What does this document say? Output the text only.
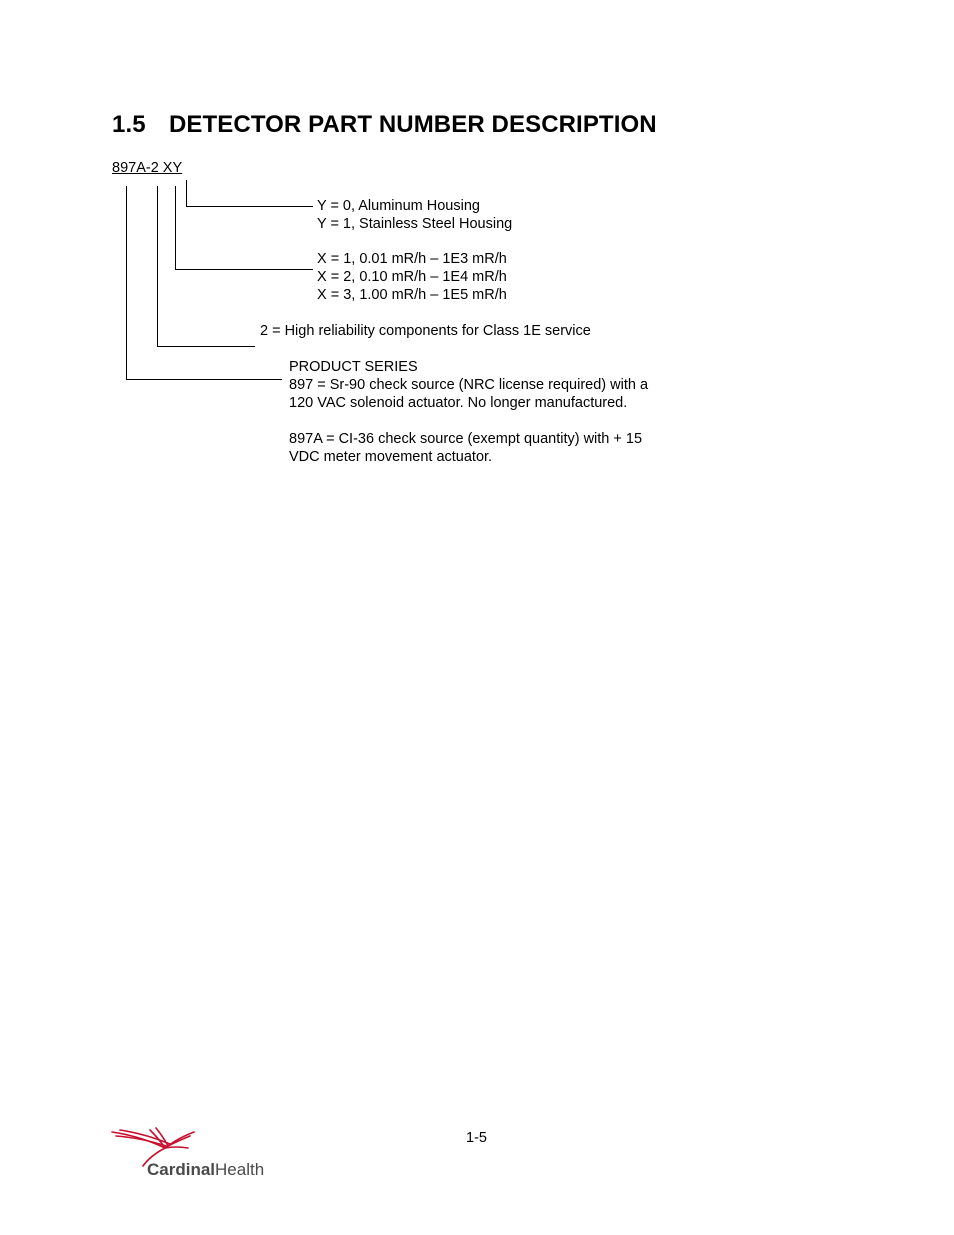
1.5 DETECTOR PART NUMBER DESCRIPTION
897A-2 XY
Y = 0, Aluminum Housing
Y = 1, Stainless Steel Housing
X = 1, 0.01 mR/h – 1E3 mR/h
X = 2, 0.10 mR/h – 1E4 mR/h
X = 3, 1.00 mR/h – 1E5 mR/h
2 = High reliability components for Class 1E service
PRODUCT SERIES
897 = Sr-90 check source (NRC license required) with a
120 VAC solenoid actuator. No longer manufactured.
897A = CI-36 check source (exempt quantity) with + 15
VDC meter movement actuator.
1-5
CardinalHealth
